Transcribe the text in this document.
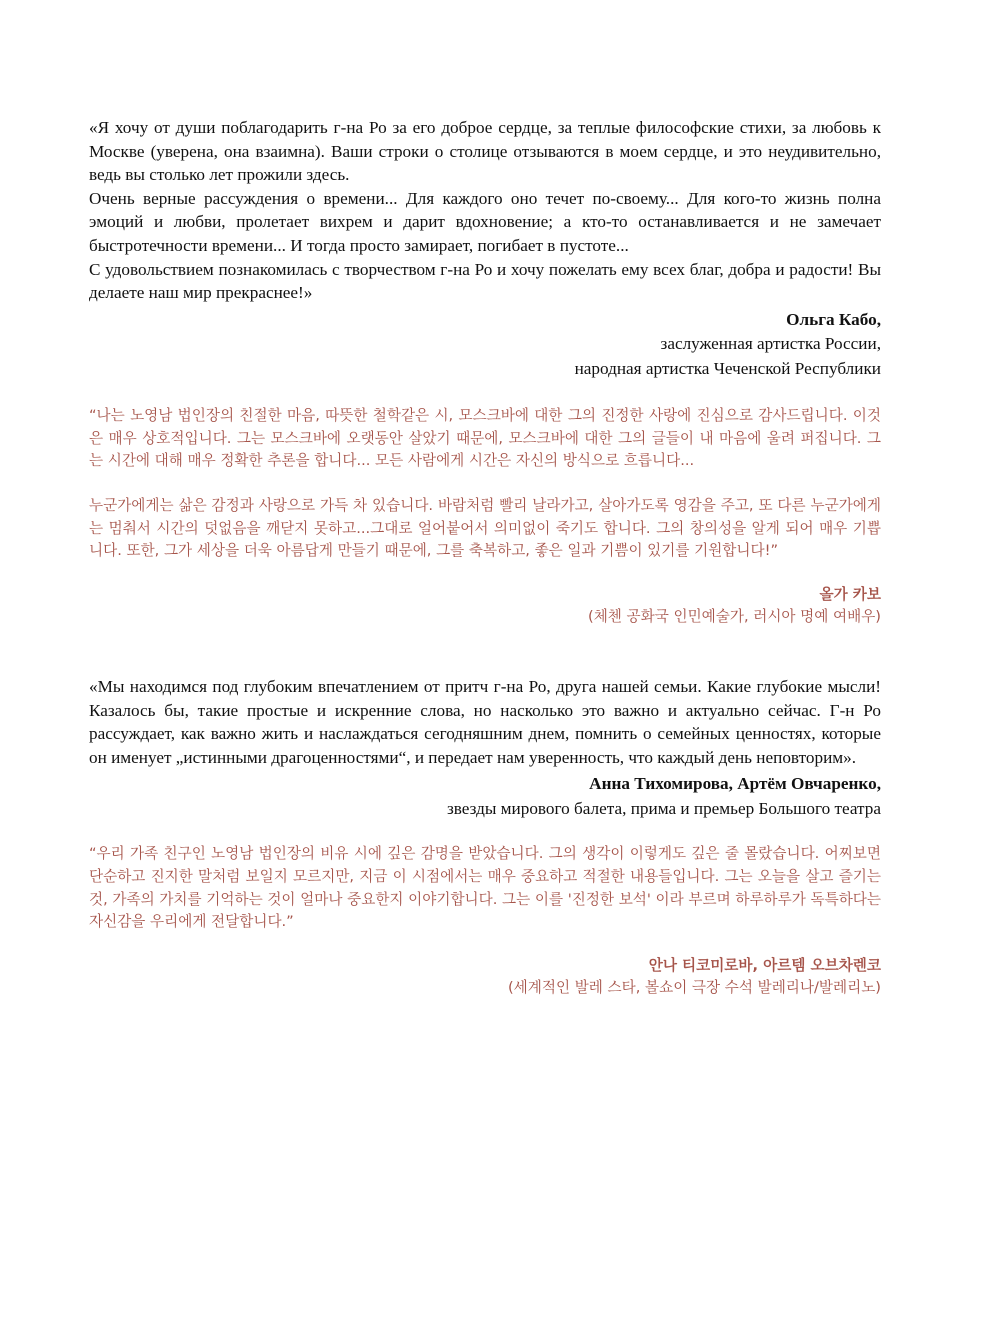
«Я хочу от души поблагодарить г-на Ро за его доброе сердце, за теплые философские стихи, за любовь к Москве (уверена, она взаимна). Ваши строки о столице отзываются в моем сердце, и это неудивительно, ведь вы столько лет прожили здесь.

Очень верные рассуждения о времени... Для каждого оно течет по-своему... Для кого-то жизнь полна эмоций и любви, пролетает вихрем и дарит вдохновение; а кто-то останавливается и не замечает быстротечности времени... И тогда просто замирает, погибает в пустоте...

С удовольствием познакомилась с творчеством г-на Ро и хочу пожелать ему всех благ, добра и радости! Вы делаете наш мир прекраснее!»

Ольга Кабо,
заслуженная артистка России,
народная артистка Чеченской Республики

“나는 노영남 법인장의 친절한 마음, 따뜻한 철학같은 시, 모스크바에 대한 그의 진정한 사랑에 진심으로 감사드립니다. 이것은 매우 상호적입니다. 그는 모스크바에 오랫동안 살았기 때문에, 모스크바에 대한 그의 글들이 내 마음에 울려 퍼집니다. 그는 시간에 대해 매우 정확한 추론을 합니다... 모든 사람에게 시간은 자신의 방식으로 흐릅니다...

누군가에게는 삶은 감정과 사랑으로 가득 차 있습니다. 바람처럼 빨리 날라가고, 살아가도록 영감을 주고, 또 다른 누군가에게는 멈춰서 시간의 덧없음을 깨닫지 못하고...그대로 얼어붙어서 의미없이 죽기도 합니다. 그의 창의성을 알게 되어 매우 기쁩니다. 또한, 그가 세상을 더욱 아름답게 만들기 때문에, 그를 축복하고, 좋은 일과 기쁨이 있기를 기원합니다!”

올가 카보
(체첸 공화국 인민예술가, 러시아 명예 여배우)

«Мы находимся под глубоким впечатлением от притч г-на Ро, друга нашей семьи. Какие глубокие мысли! Казалось бы, такие простые и искренние слова, но насколько это важно и актуально сейчас. Г-н Ро рассуждает, как важно жить и наслаждаться сегодняшним днем, помнить о семейных ценностях, которые он именует „истинными драгоценностями“, и передает нам уверенность, что каждый день неповторим».

Анна Тихомирова, Артём Овчаренко,
звезды мирового балета, прима и премьер Большого театра

“우리 가족 친구인 노영남 법인장의 비유 시에 깊은 감명을 받았습니다. 그의 생각이 이렇게도 깊은 줄 몰랐습니다. 어찌보면 단순하고 진지한 말처럼 보일지 모르지만, 지금 이 시점에서는 매우 중요하고 적절한 내용들입니다. 그는 오늘을 살고 즐기는 것, 가족의 가치를 기억하는 것이 얼마나 중요한지 이야기합니다. 그는 이를 '진정한 보석' 이라 부르며 하루하루가 독특하다는 자신감을 우리에게 전달합니다.”

안나 티코미로바, 아르템 오브차렌코
(세계적인 발레 스타, 볼쇼이 극장 수석 발레리나/발레리노)
